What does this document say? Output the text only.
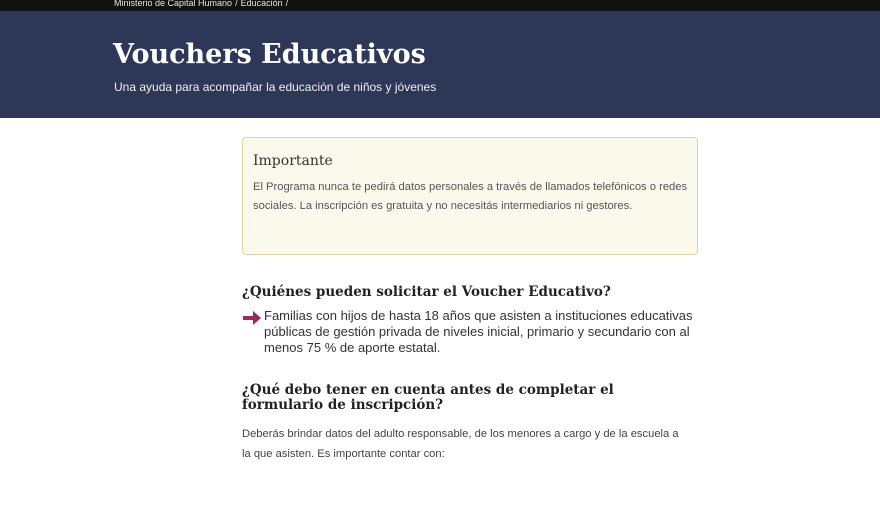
Ministerio de Capital Humano / Educación /
Vouchers Educativos

Una ayuda para acompañar la educación de niños y jóvenes

Importante

El Programa nunca te pedirá datos personales a través de llamados telefónicos o redes sociales. La inscripción es gratuita y no necesitás intermediarios ni gestores.

¿Quiénes pueden solicitar el Voucher Educativo?

Familias con hijos de hasta 18 años que asisten a instituciones educativas públicas de gestión privada de niveles inicial, primario y secundario con al menos 75 % de aporte estatal.

¿Qué debo tener en cuenta antes de completar el formulario de inscripción?

Deberás brindar datos del adulto responsable, de los menores a cargo y de la escuela a la que asisten. Es importante contar con:
